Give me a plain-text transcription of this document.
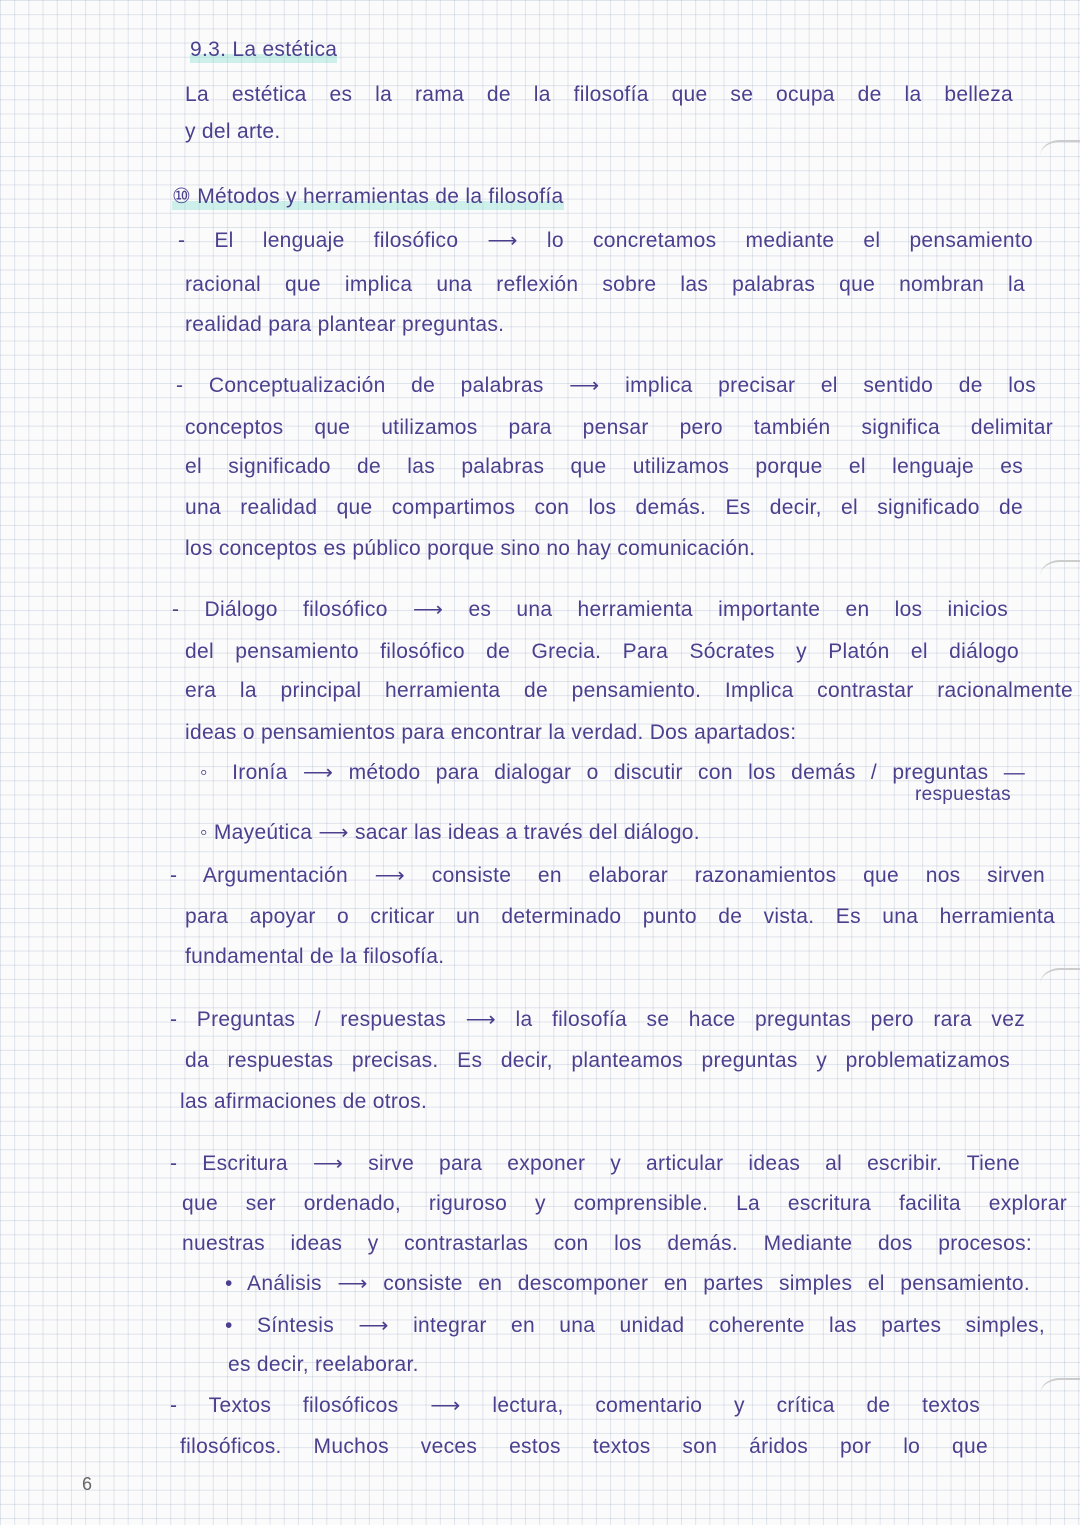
9.3. La estética
La estética es la rama de la filosofía que se ocupa de la belleza
y del arte.
⑩ Métodos y herramientas de la filosofía
- El lenguaje filosófico ⟶ lo concretamos mediante el pensamiento
racional que implica una reflexión sobre las palabras que nombran la
realidad para plantear preguntas.
- Conceptualización de palabras ⟶ implica precisar el sentido de los
conceptos que utilizamos para pensar pero también significa delimitar
el significado de las palabras que utilizamos porque el lenguaje es
una realidad que compartimos con los demás. Es decir, el significado de
los conceptos es público porque sino no hay comunicación.
- Diálogo filosófico ⟶ es una herramienta importante en los inicios
del pensamiento filosófico de Grecia. Para Sócrates y Platón el diálogo
era la principal herramienta de pensamiento. Implica contrastar racionalmente
ideas o pensamientos para encontrar la verdad. Dos apartados:
◦ Ironía ⟶ método para dialogar o discutir con los demás / preguntas —
respuestas
◦ Mayeútica ⟶ sacar las ideas a través del diálogo.
- Argumentación ⟶ consiste en elaborar razonamientos que nos sirven
para apoyar o criticar un determinado punto de vista. Es una herramienta
fundamental de la filosofía.
- Preguntas / respuestas ⟶ la filosofía se hace preguntas pero rara vez
da respuestas precisas. Es decir, planteamos preguntas y problematizamos
las afirmaciones de otros.
- Escritura ⟶ sirve para exponer y articular ideas al escribir. Tiene
que ser ordenado, riguroso y comprensible. La escritura facilita explorar
nuestras ideas y contrastarlas con los demás. Mediante dos procesos:
• Análisis ⟶ consiste en descomponer en partes simples el pensamiento.
• Síntesis ⟶ integrar en una unidad coherente las partes simples,
es decir, reelaborar.
- Textos filosóficos ⟶ lectura, comentario y crítica de textos
filosóficos. Muchos veces estos textos son áridos por lo que
6
